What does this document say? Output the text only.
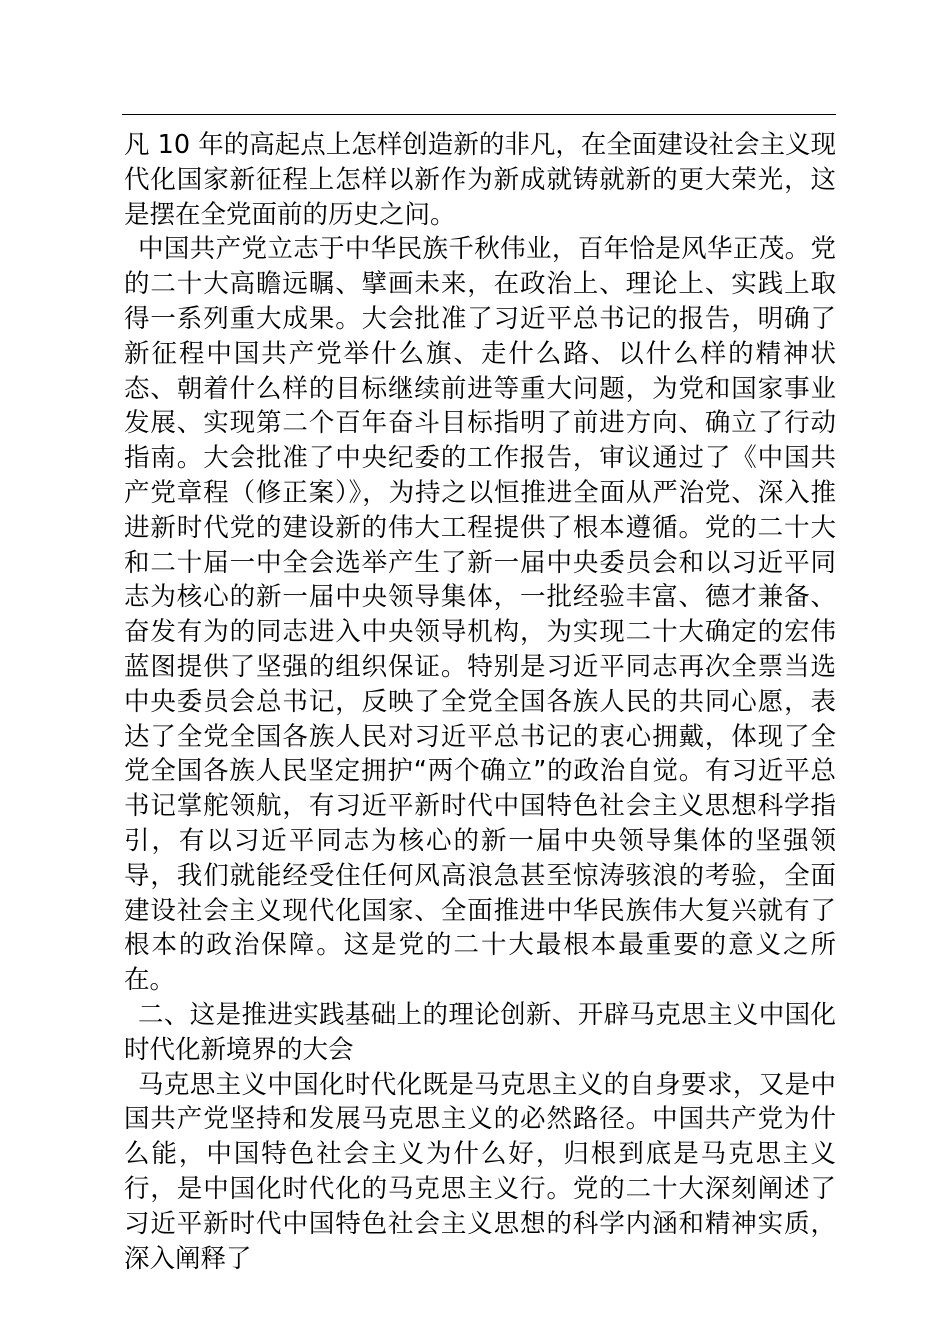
凡 10 年的高起点上怎样创造新的非凡，在全面建设社会主义现代化国家新征程上怎样以新作为新成就铸就新的更大荣光，这是摆在全党面前的历史之问。

中国共产党立志于中华民族千秋伟业，百年恰是风华正茂。党的二十大高瞻远瞩、擘画未来，在政治上、理论上、实践上取得一系列重大成果。大会批准了习近平总书记的报告，明确了新征程中国共产党举什么旗、走什么路、以什么样的精神状态、朝着什么样的目标继续前进等重大问题，为党和国家事业发展、实现第二个百年奋斗目标指明了前进方向、确立了行动指南。大会批准了中央纪委的工作报告，审议通过了《中国共产党章程（修正案）》，为持之以恒推进全面从严治党、深入推进新时代党的建设新的伟大工程提供了根本遵循。党的二十大和二十届一中全会选举产生了新一届中央委员会和以习近平同志为核心的新一届中央领导集体，一批经验丰富、德才兼备、奋发有为的同志进入中央领导机构，为实现二十大确定的宏伟蓝图提供了坚强的组织保证。特别是习近平同志再次全票当选中央委员会总书记，反映了全党全国各族人民的共同心愿，表达了全党全国各族人民对习近平总书记的衷心拥戴，体现了全党全国各族人民坚定拥护“两个确立”的政治自觉。有习近平总书记掌舵领航，有习近平新时代中国特色社会主义思想科学指引，有以习近平同志为核心的新一届中央领导集体的坚强领导，我们就能经受住任何风高浪急甚至惊涛骇浪的考验，全面建设社会主义现代化国家、全面推进中华民族伟大复兴就有了根本的政治保障。这是党的二十大最根本最重要的意义之所在。

二、这是推进实践基础上的理论创新、开辟马克思主义中国化时代化新境界的大会

马克思主义中国化时代化既是马克思主义的自身要求，又是中国共产党坚持和发展马克思主义的必然路径。中国共产党为什么能，中国特色社会主义为什么好，归根到底是马克思主义行，是中国化时代化的马克思主义行。党的二十大深刻阐述了习近平新时代中国特色社会主义思想的科学内涵和精神实质，深入阐释了
